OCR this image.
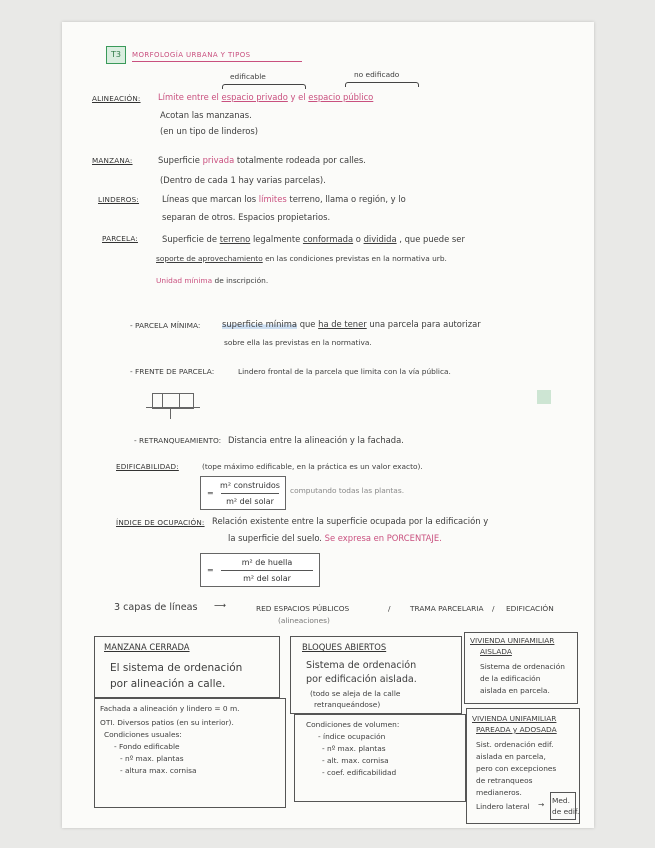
T3	MORFOLOGÍA URBANA Y TIPOS
edificable	no edificado
ALINEACIÓN: Límite entre el espacio privado y el espacio público
Acotan las manzanas.
(en un tipo de linderos)
MANZANA:	Superficie privada totalmente rodeada por calles.
(Dentro de cada 1 hay varias parcelas).
LINDEROS:	Líneas que marcan los límites terreno, llama o región, y lo
separan de otros. Espacios propietarios.
PARCELA:	Superficie de terreno legalmente conformada o dividida , que puede ser
soporte de aprovechamiento en las condiciones previstas en la normativa urb.
Unidad mínima de inscripción.
- PARCELA MÍNIMA:	superficie mínima que ha de tener una parcela para autorizar
sobre ella las previstas en la normativa.
- FRENTE DE PARCELA:	Lindero frontal de la parcela que limita con la vía pública.
- RETRANQUEAMIENTO: Distancia entre la alineación y la fachada.
EDIFICABILIDAD:	(tope máximo edificable, en la práctica es un valor exacto).
=
m² construidos
m² del solar
computando todas las plantas.
ÍNDICE DE OCUPACIÓN: Relación existente entre la superficie ocupada por la edificación y
la superficie del suelo. Se expresa en PORCENTAJE.
=
m² de huella
m² del solar
3 capas de líneas ⟶	RED ESPACIOS PÚBLICOS	/	TRAMA PARCELARIA / EDIFICACIÓN
(alineaciones)
MANZANA CERRADA
El sistema de ordenación
por alineación a calle.
BLOQUES ABIERTOS
Sistema de ordenación
por edificación aislada.
(todo se aleja de la calle
retranqueándose)
VIVIENDA UNIFAMILIAR
AISLADA
Sistema de ordenación
de la edificación
aislada en parcela.
Fachada a alineación y lindero = 0 m.
OTI. Diversos patios (en su interior).
Condiciones usuales:
- Fondo edificable
- nº max. plantas
- altura max. cornisa
Condiciones de volumen:
- índice ocupación
- nº max. plantas
- alt. max. cornisa
- coef. edificabilidad
VIVIENDA UNIFAMILIAR
PAREADA y ADOSADA
Sist. ordenación edif.
aislada en parcela,
pero con excepciones
de retranqueos
medianeros.
Lindero lateral → Med.
de edif.
